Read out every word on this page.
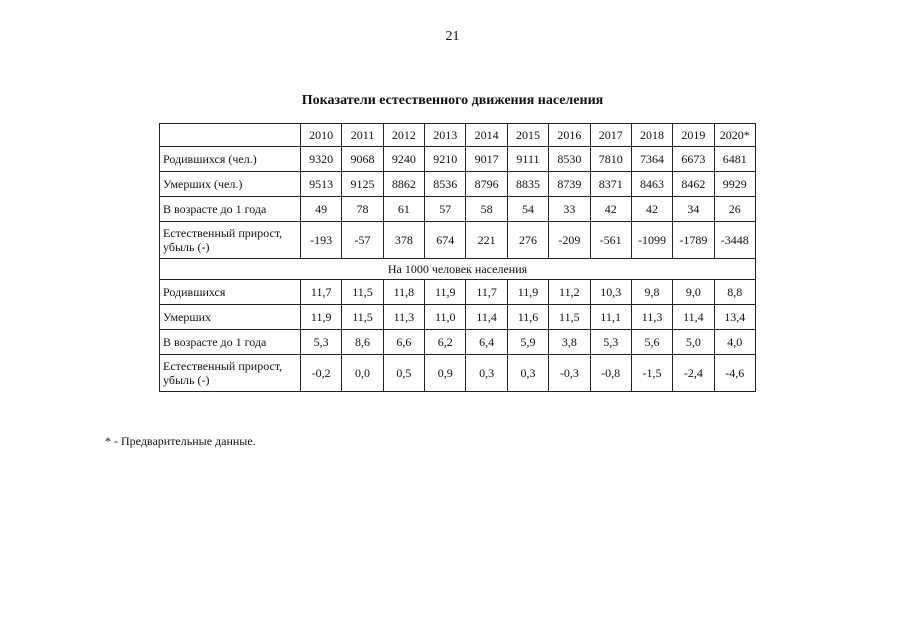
21
Показатели естественного движения населения
	2010	2011	2012	2013	2014	2015	2016	2017	2018	2019	2020*
Родившихся (чел.)	9320	9068	9240	9210	9017	9111	8530	7810	7364	6673	6481
Умерших (чел.)	9513	9125	8862	8536	8796	8835	8739	8371	8463	8462	9929
В возрасте до 1 года	49	78	61	57	58	54	33	42	42	34	26
Естественный прирост, убыль (-)	-193	-57	378	674	221	276	-209	-561	-1099	-1789	-3448
На 1000 человек населения											
Родившихся	11,7	11,5	11,8	11,9	11,7	11,9	11,2	10,3	9,8	9,0	8,8
Умерших	11,9	11,5	11,3	11,0	11,4	11,6	11,5	11,1	11,3	11,4	13,4
В возрасте до 1 года	5,3	8,6	6,6	6,2	6,4	5,9	3,8	5,3	5,6	5,0	4,0
Естественный прирост, убыль (-)	-0,2	0,0	0,5	0,9	0,3	0,3	-0,3	-0,8	-1,5	-2,4	-4,6
* - Предварительные данные.
